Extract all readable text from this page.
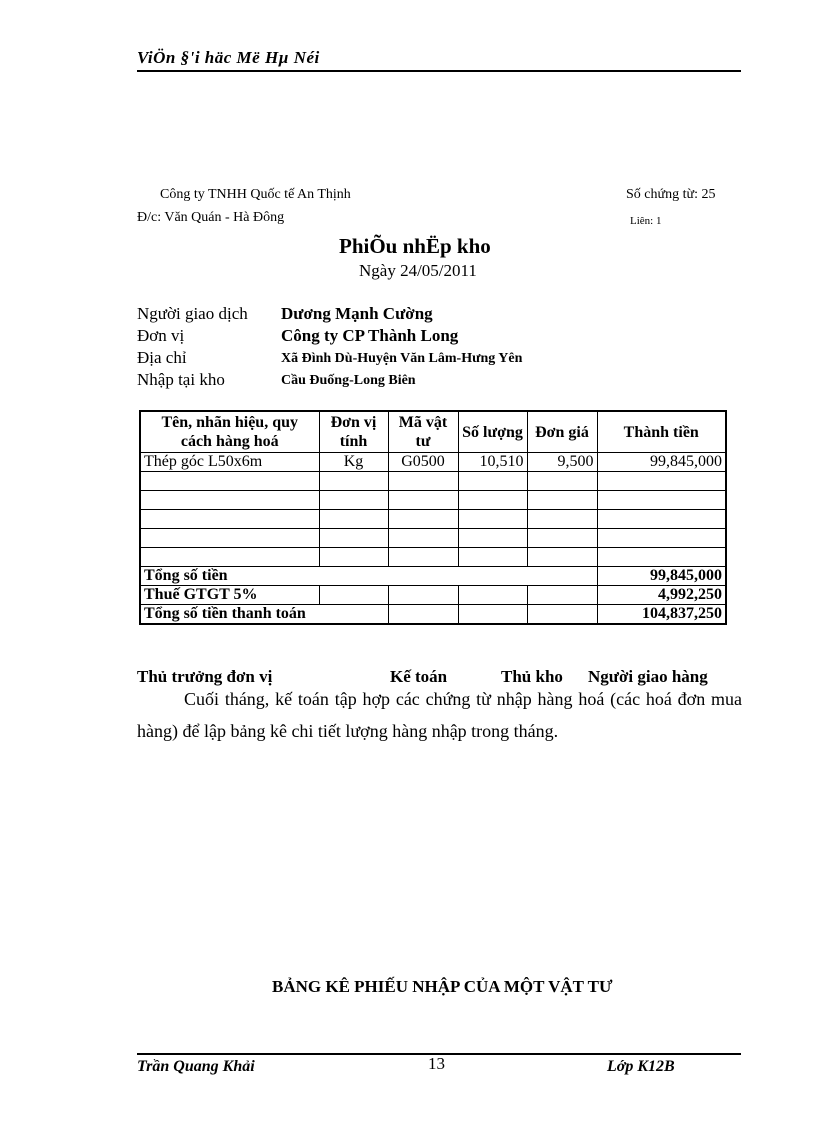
ViÖn §'i häc Më Hµ Néi
Công ty TNHH Quốc tế An Thịnh	Số chứng từ: 25
Đ/c: Văn Quán - Hà Đông	Liên: 1
PhiÕu nhËp kho
Ngày 24/05/2011
Người giao dịch Dương Mạnh Cường
Đơn vị	Công ty CP Thành Long
Địa chỉ	Xã Đình Dù-Huyện Văn Lâm-Hưng Yên
Nhập tại kho	Cầu Đuống-Long Biên
Tên, nhãn hiệu, quy cách hàng hoá	Đơn vị tính	Mã vật tư	Số lượng	Đơn giá	Thành tiền
Thép góc L50x6m	Kg	G0500	10,510	9,500	99,845,000

Tổng số tiền					99,845,000
Thuế GTGT 5%					4,992,250
Tổng số tiền thanh toán					104,837,250
Thủ trưởng đơn vị	Kế toán	Thủ kho Người giao hàng
Cuối tháng, kế toán tập hợp các chứng từ nhập hàng hoá (các hoá đơn mua hàng) để lập bảng kê chi tiết lượng hàng nhập trong tháng.
BẢNG KÊ PHIẾU NHẬP CỦA MỘT VẬT TƯ
Trần Quang Khải	13	Lớp K12B
